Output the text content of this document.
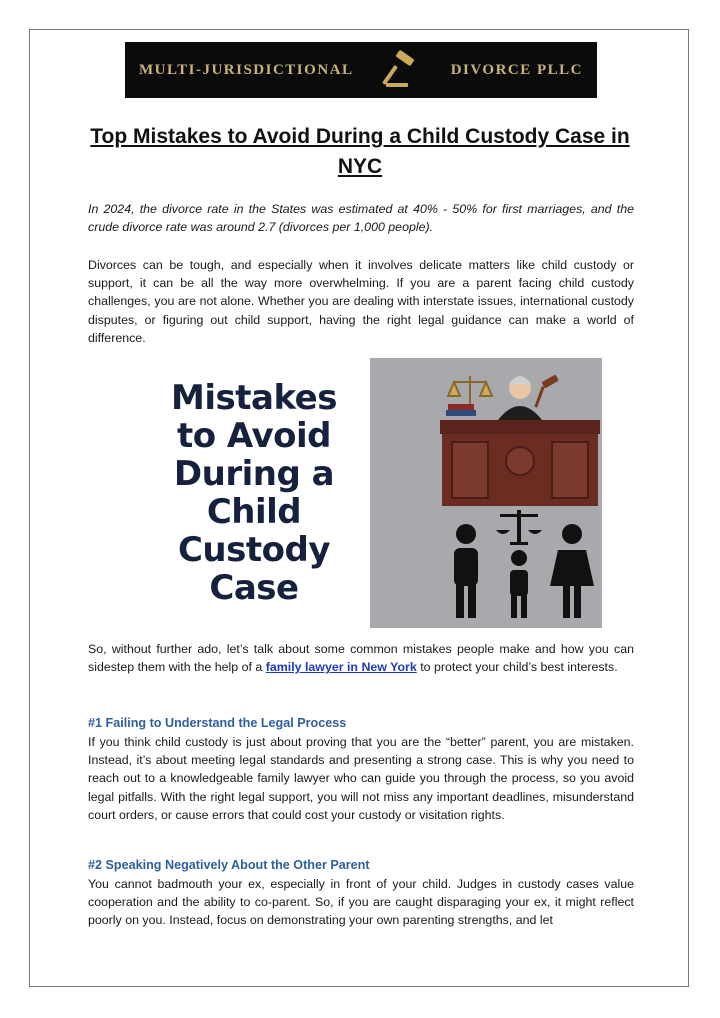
MULTI-JURISDICTIONAL	DIVORCE PLLC
Top Mistakes to Avoid During a Child Custody Case in NYC
In 2024, the divorce rate in the States was estimated at 40% - 50% for first marriages, and the crude divorce rate was around 2.7 (divorces per 1,000 people).
Divorces can be tough, and especially when it involves delicate matters like child custody or support, it can be all the way more overwhelming. If you are a parent facing child custody challenges, you are not alone. Whether you are dealing with interstate issues, international custody disputes, or figuring out child support, having the right legal guidance can make a world of difference.
Mistakes
to Avoid
During a
Child
Custody
Case
So, without further ado, let’s talk about some common mistakes people make and how you can sidestep them with the help of a family lawyer in New York to protect your child’s best interests.
#1 Failing to Understand the Legal Process
If you think child custody is just about proving that you are the “better” parent, you are mistaken. Instead, it’s about meeting legal standards and presenting a strong case. This is why you need to reach out to a knowledgeable family lawyer who can guide you through the process, so you avoid legal pitfalls. With the right legal support, you will not miss any important deadlines, misunderstand court orders, or cause errors that could cost your custody or visitation rights.
#2 Speaking Negatively About the Other Parent
You cannot badmouth your ex, especially in front of your child. Judges in custody cases value cooperation and the ability to co-parent. So, if you are caught disparaging your ex, it might reflect poorly on you. Instead, focus on demonstrating your own parenting strengths, and let
